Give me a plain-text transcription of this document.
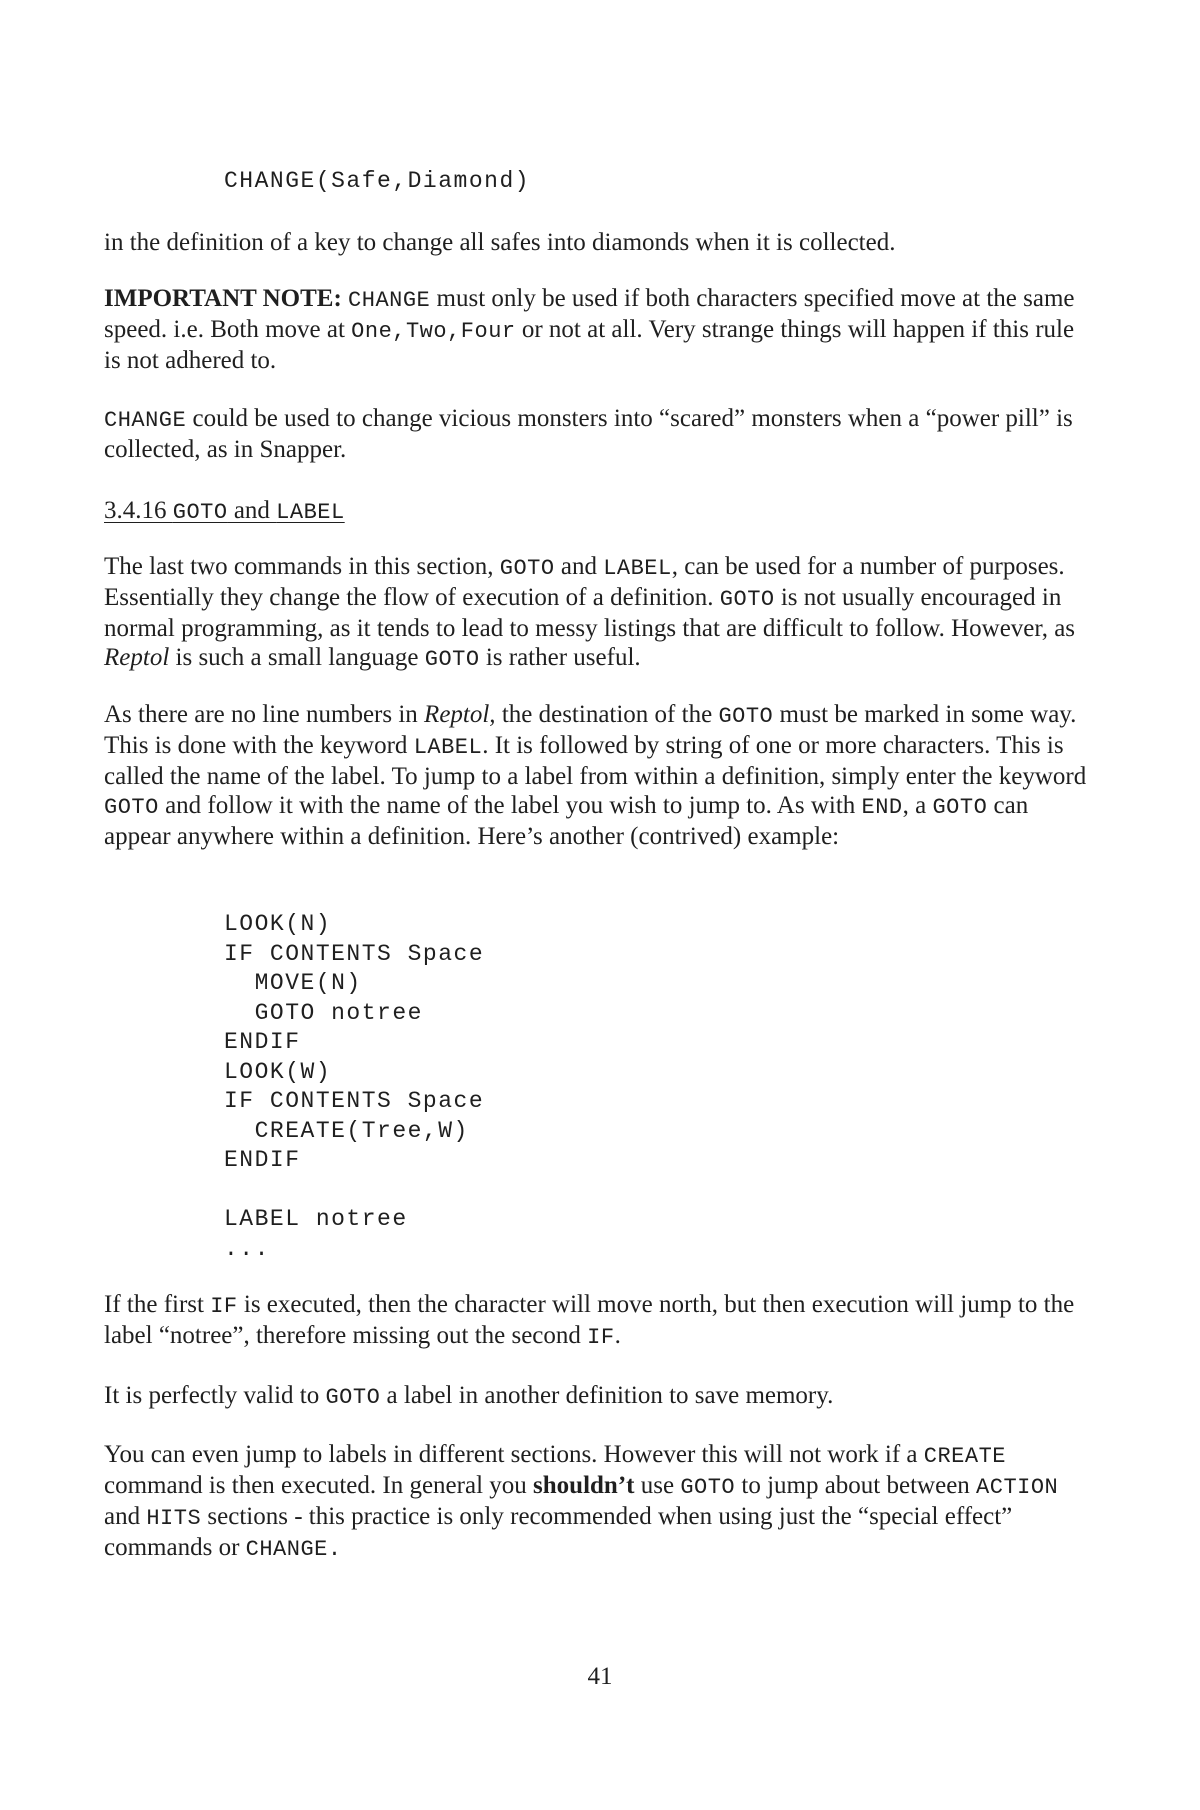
CHANGE(Safe,Diamond)

in the definition of a key to change all safes into diamonds when it is collected.

IMPORTANT NOTE: CHANGE must only be used if both characters specified move at the same speed. i.e. Both move at One,Two,Four or not at all. Very strange things will happen if this rule is not adhered to.

CHANGE could be used to change vicious monsters into “scared” monsters when a “power pill” is collected, as in Snapper.

3.4.16 GOTO and LABEL

The last two commands in this section, GOTO and LABEL, can be used for a number of purposes. Essentially they change the flow of execution of a definition. GOTO is not usually encouraged in normal programming, as it tends to lead to messy listings that are difficult to follow. However, as Reptol is such a small language GOTO is rather useful.

As there are no line numbers in Reptol, the destination of the GOTO must be marked in some way. This is done with the keyword LABEL. It is followed by string of one or more characters. This is called the name of the label. To jump to a label from within a definition, simply enter the keyword GOTO and follow it with the name of the label you wish to jump to. As with END, a GOTO can appear anywhere within a definition. Here’s another (contrived) example:

LOOK(N)
IF CONTENTS Space
MOVE(N)
GOTO notree
ENDIF
LOOK(W)
IF CONTENTS Space
CREATE(Tree,W)
ENDIF

LABEL notree
...

If the first IF is executed, then the character will move north, but then execution will jump to the label “notree”, therefore missing out the second IF.

It is perfectly valid to GOTO a label in another definition to save memory.

You can even jump to labels in different sections. However this will not work if a CREATE command is then executed. In general you shouldn’t use GOTO to jump about between ACTION and HITS sections - this practice is only recommended when using just the “special effect” commands or CHANGE.

41
